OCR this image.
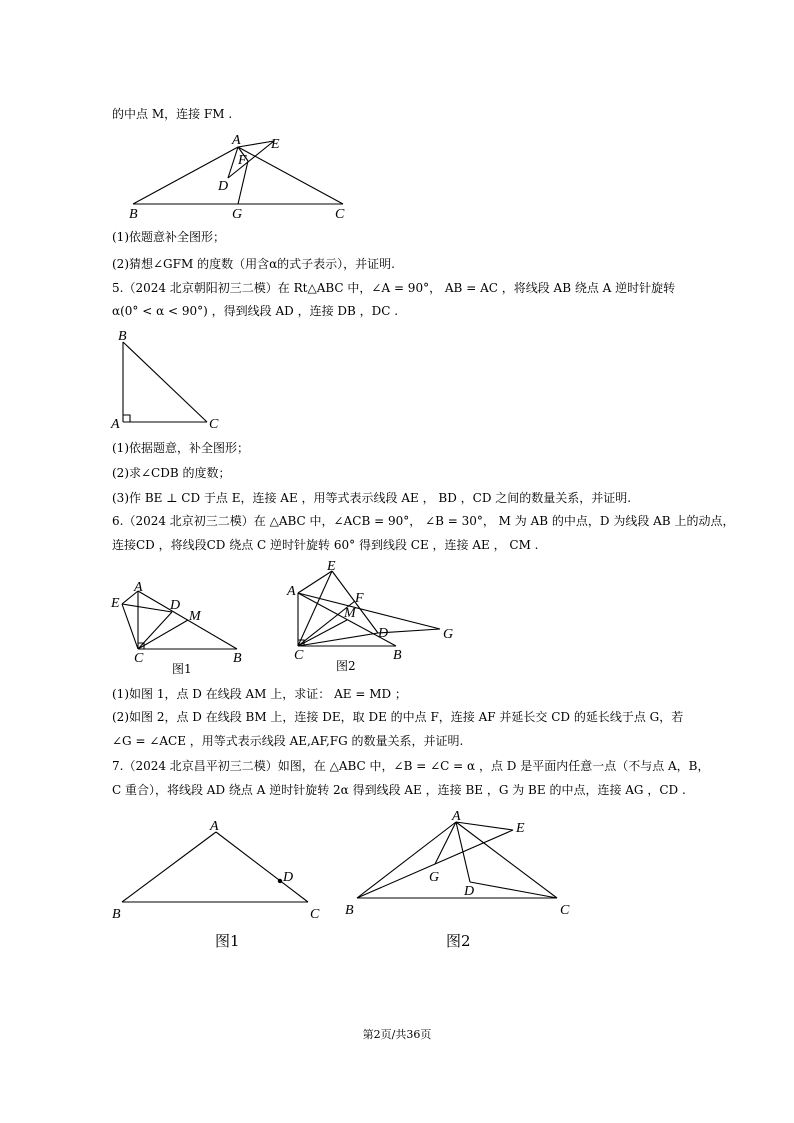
的中点 M，连接 FM .
A E
F
D
B	G	C
(1)依题意补全图形；
(2)猜想∠GFM 的度数（用含α的式子表示），并证明.
5.（2024 北京朝阳初三二模）在 Rt△ABC 中，∠A = 90°， AB = AC ，将线段 AB 绕点 A 逆时针旋转
α(0° < α < 90°) ，得到线段 AD ，连接 DB ，DC .
B
A	C
(1)依据题意，补全图形；
(2)求∠CDB 的度数；
(3)作 BE ⊥ CD 于点 E，连接 AE ，用等式表示线段 AE ， BD ，CD 之间的数量关系，并证明.
6.（2024 北京初三二模）在 △ABC 中，∠ACB = 90°， ∠B = 30°， M 为 AB 的中点，D 为线段 AB 上的动点，
连接CD ，将线段CD 绕点 C 逆时针旋转 60° 得到线段 CE ，连接 AE ， CM .
A
E	D
M
C	B
图1
E
A	F
M
D	G
C	B
图2
(1)如图 1，点 D 在线段 AM 上，求证： AE = MD ；
(2)如图 2，点 D 在线段 BM 上，连接 DE，取 DE 的中点 F，连接 AF 并延长交 CD 的延长线于点 G，若
∠G = ∠ACE ，用等式表示线段 AE,AF,FG 的数量关系，并证明.
7.（2024 北京昌平初三二模）如图，在 △ABC 中，∠B = ∠C = α ，点 D 是平面内任意一点（不与点 A，B，
C 重合），将线段 AD 绕点 A 逆时针旋转 2α 得到线段 AE ，连接 BE ，G 为 BE 的中点，连接 AG ，CD .
A
D
B	C
图1
A
E
G
D
B	C
图2
第2页/共36页
